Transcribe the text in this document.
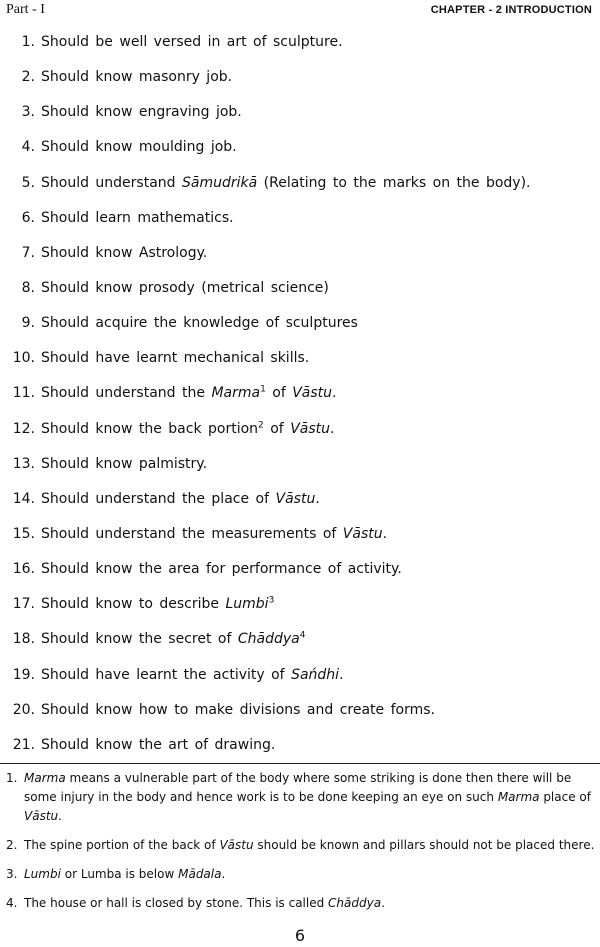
Part - I	CHAPTER - 2 INTRODUCTION
1. Should be well versed in art of sculpture.
2. Should know masonry job.
3. Should know engraving job.
4. Should know moulding job.
5. Should understand Sāmudrikā (Relating to the marks on the body).
6. Should learn mathematics.
7. Should know Astrology.
8. Should know prosody (metrical science)
9. Should acquire the knowledge of sculptures
10. Should have learnt mechanical skills.
11. Should understand the Marma$^1$ of Vāstu.
12. Should know the back portion$^2$ of Vāstu.
13. Should know palmistry.
14. Should understand the place of Vāstu.
15. Should understand the measurements of Vāstu.
16. Should know the area for performance of activity.
17. Should know to describe Lumbi$^3$
18. Should know the secret of Chāddya$^4$
19. Should have learnt the activity of Sańdhi.
20. Should know how to make divisions and create forms.
21. Should know the art of drawing.
1. Marma means a vulnerable part of the body where some striking is done then there will be some injury in the body and hence work is to be done keeping an eye on such Marma place of Vāstu.
2. The spine portion of the back of Vāstu should be known and pillars should not be placed there.
3. Lumbi or Lumba is below Mādala.
4. The house or hall is closed by stone. This is called Chāddya.
6
